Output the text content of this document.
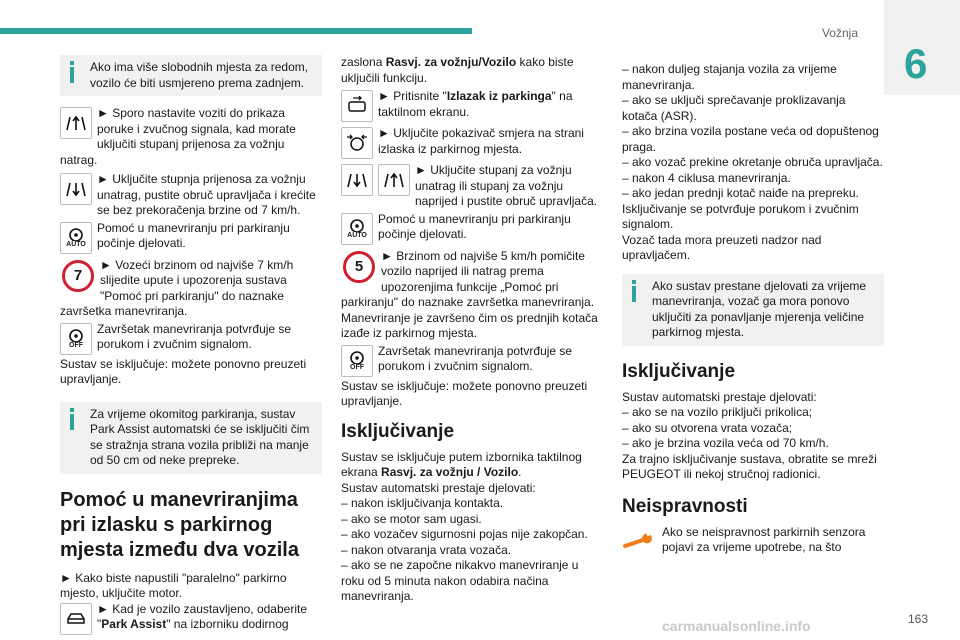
Vožnja
6

Ako ima više slobodnih mjesta za redom, vozilo će biti usmjereno prema zadnjem.

► Sporo nastavite voziti do prikaza poruke i zvučnog signala, kad morate uključiti stupanj prijenosa za vožnju natrag.

► Uključite stupnja prijenosa za vožnju unatrag, pustite obruč upravljača i krećite se bez prekoračenja brzine od 7 km/h.

AUTO

Pomoć u manevriranju pri parkiranju počinje djelovati.

7

► Vozeći brzinom od najviše 7 km/h slijedite upute i upozorenja sustava "Pomoć pri parkiranju" do naznake završetka manevriranja.

OFF

Završetak manevriranja potvrđuje se porukom i zvučnim signalom.

Sustav se isključuje: možete ponovno preuzeti upravljanje.

Za vrijeme okomitog parkiranja, sustav Park Assist automatski će se isključiti čim se stražnja strana vozila približi na manje od 50 cm od neke prepreke.

Pomoć u manevriranjima pri izlasku s parkirnog mjesta između dva vozila

► Kako biste napustili "paralelno" parkirno mjesto, uključite motor.

► Kad je vozilo zaustavljeno, odaberite "Park Assist" na izborniku dodirnog

zaslona Rasvj. za vožnju/Vozilo kako biste uključili funkciju.

► Pritisnite "Izlazak iz parkinga" na taktilnom ekranu.

► Uključite pokazivač smjera na strani izlaska iz parkirnog mjesta.

► Uključite stupanj za vožnju unatrag ili stupanj za vožnju naprijed i pustite obruč upravljača.

AUTO

Pomoć u manevriranju pri parkiranju počinje djelovati.

5

► Brzinom od najviše 5 km/h pomičite vozilo naprijed ili natrag prema upozorenjima funkcije „Pomoć pri parkiranju" do naznake završetka manevriranja.

Manevriranje je završeno čim os prednjih kotača izađe iz parkirnog mjesta.

OFF

Završetak manevriranja potvrđuje se porukom i zvučnim signalom.

Sustav se isključuje: možete ponovno preuzeti upravljanje.

Isključivanje

Sustav se isključuje putem izbornika taktilnog ekrana Rasvj. za vožnju / Vozilo.

Sustav automatski prestaje djelovati:

– nakon isključivanja kontakta.

– ako se motor sam ugasi.

– ako vozačev sigurnosni pojas nije zakopčan.

– nakon otvaranja vrata vozača.

– ako se ne započne nikakvo manevriranje u roku od 5 minuta nakon odabira načina manevriranja.

– nakon duljeg stajanja vozila za vrijeme manevriranja.

– ako se uključi sprečavanje proklizavanja kotača (ASR).

– ako brzina vozila postane veća od dopuštenog praga.

– ako vozač prekine okretanje obruča upravljača.

– nakon 4 ciklusa manevriranja.

– ako jedan prednji kotač naiđe na prepreku.

Isključivanje se potvrđuje porukom i zvučnim signalom.

Vozač tada mora preuzeti nadzor nad upravljačem.

Ako sustav prestane djelovati za vrijeme manevriranja, vozač ga mora ponovo uključiti za ponavljanje mjerenja veličine parkirnog mjesta.

Isključivanje

Sustav automatski prestaje djelovati:

– ako se na vozilo priključi prikolica;

– ako su otvorena vrata vozača;

– ako je brzina vozila veća od 70 km/h.

Za trajno isključivanje sustava, obratite se mreži PEUGEOT ili nekoj stručnoj radionici.

Neispravnosti

Ako se neispravnost parkirnih senzora pojavi za vrijeme upotrebe, na što

carmanualsonline.info	163
